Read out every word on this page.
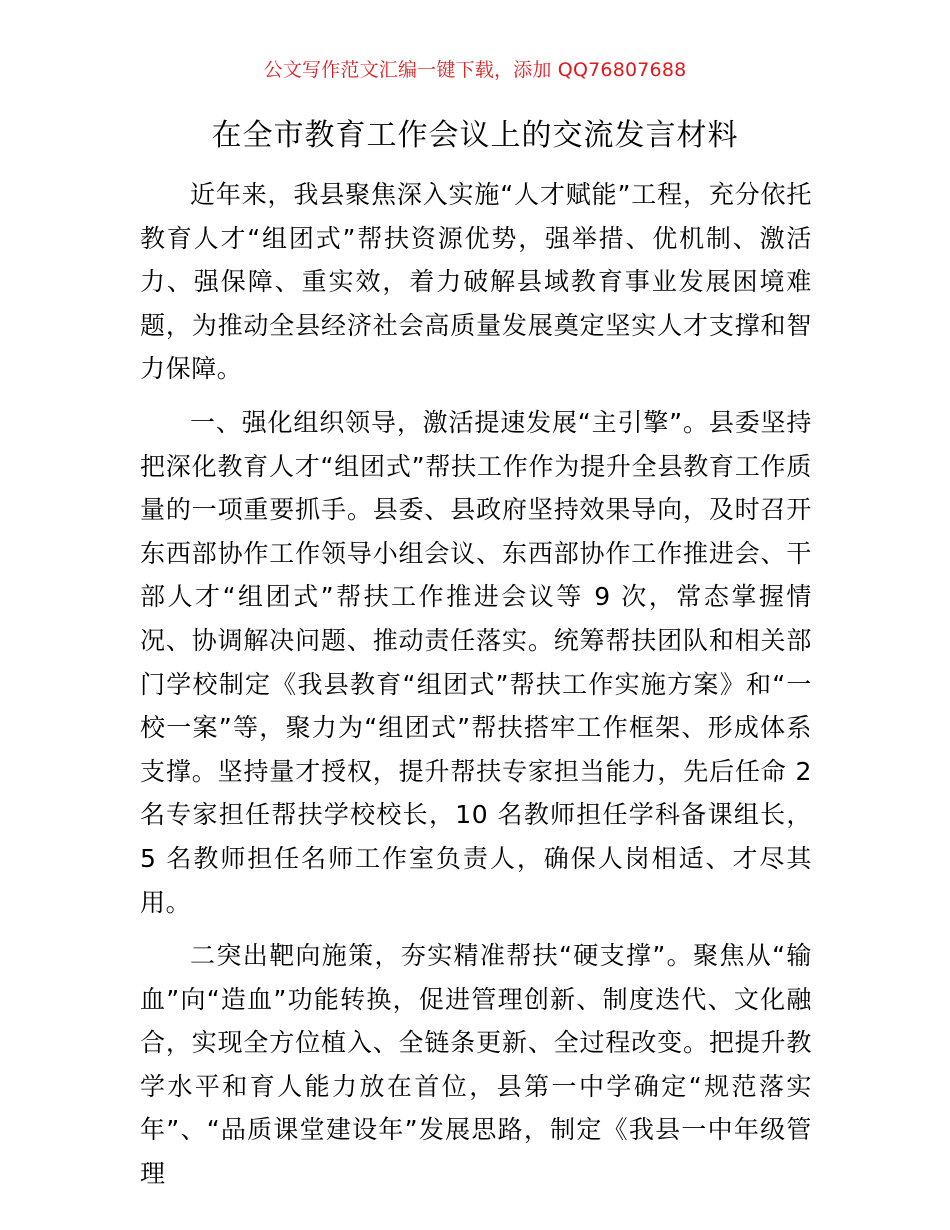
公文写作范文汇编一键下载，添加 QQ76807688
在全市教育工作会议上的交流发言材料

近年来，我县聚焦深入实施“人才赋能”工程，充分依托教育人才“组团式”帮扶资源优势，强举措、优机制、激活力、强保障、重实效，着力破解县域教育事业发展困境难题，为推动全县经济社会高质量发展奠定坚实人才支撑和智力保障。

一、强化组织领导，激活提速发展“主引擎”。县委坚持把深化教育人才“组团式”帮扶工作作为提升全县教育工作质量的一项重要抓手。县委、县政府坚持效果导向，及时召开东西部协作工作领导小组会议、东西部协作工作推进会、干部人才“组团式”帮扶工作推进会议等 9 次，常态掌握情况、协调解决问题、推动责任落实。统筹帮扶团队和相关部门学校制定《我县教育“组团式”帮扶工作实施方案》和“一校一案”等，聚力为“组团式”帮扶搭牢工作框架、形成体系支撑。坚持量才授权，提升帮扶专家担当能力，先后任命 2 名专家担任帮扶学校校长，10 名教师担任学科备课组长，5 名教师担任名师工作室负责人，确保人岗相适、才尽其用。

二突出靶向施策，夯实精准帮扶“硬支撑”。聚焦从“输血”向“造血”功能转换，促进管理创新、制度迭代、文化融合，实现全方位植入、全链条更新、全过程改变。把提升教学水平和育人能力放在首位，县第一中学确定“规范落实年”、“品质课堂建设年”发展思路，制定《我县一中年级管理
